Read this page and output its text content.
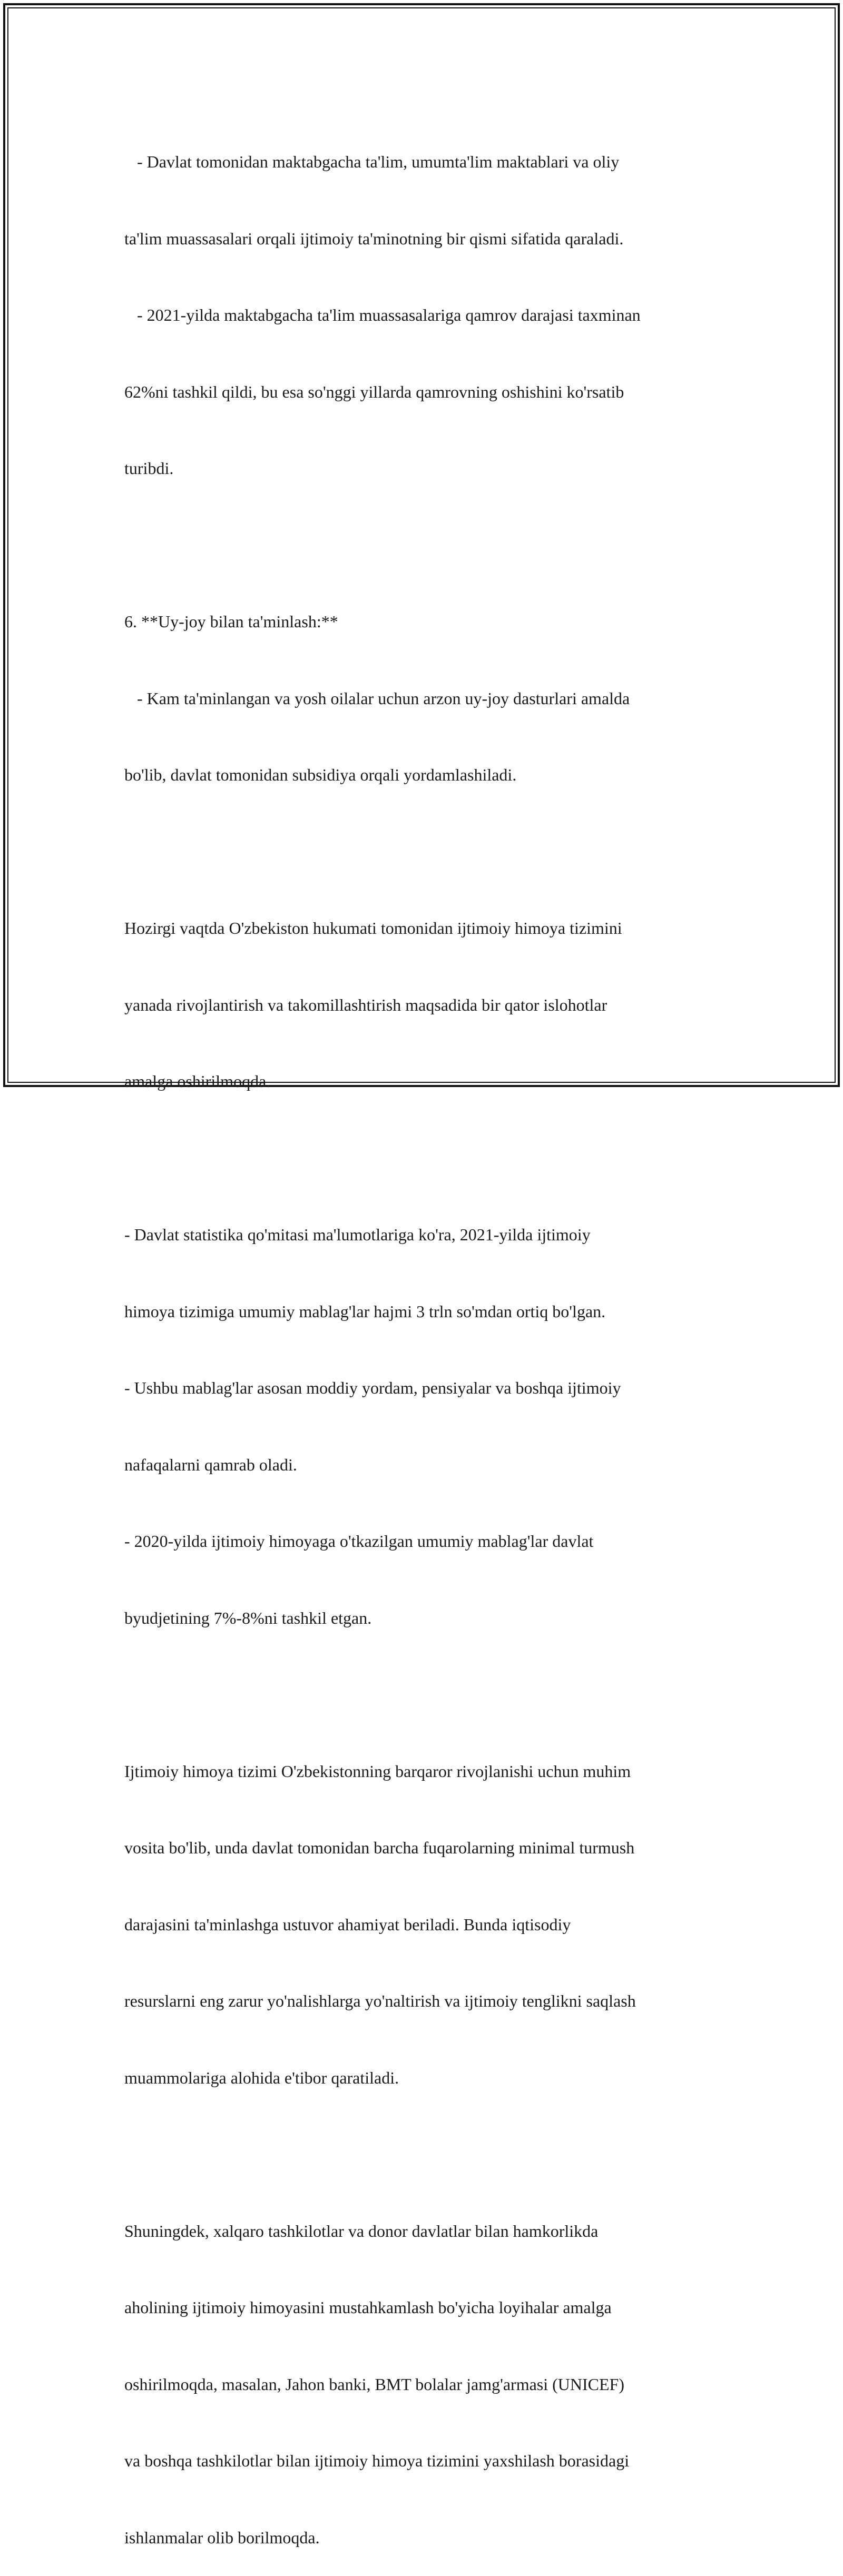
- Davlat tomonidan maktabgacha ta'lim, umumta'lim maktablari va oliy

ta'lim muassasalari orqali ijtimoiy ta'minotning bir qismi sifatida qaraladi.

- 2021-yilda maktabgacha ta'lim muassasalariga qamrov darajasi taxminan

62%ni tashkil qildi, bu esa so'nggi yillarda qamrovning oshishini ko'rsatib

turibdi.

6. **Uy-joy bilan ta'minlash:**

- Kam ta'minlangan va yosh oilalar uchun arzon uy-joy dasturlari amalda

bo'lib, davlat tomonidan subsidiya orqali yordamlashiladi.

Hozirgi vaqtda O'zbekiston hukumati tomonidan ijtimoiy himoya tizimini

yanada rivojlantirish va takomillashtirish maqsadida bir qator islohotlar

amalga oshirilmoqda.

- Davlat statistika qo'mitasi ma'lumotlariga ko'ra, 2021-yilda ijtimoiy

himoya tizimiga umumiy mablag'lar hajmi 3 trln so'mdan ortiq bo'lgan.

- Ushbu mablag'lar asosan moddiy yordam, pensiyalar va boshqa ijtimoiy

nafaqalarni qamrab oladi.

- 2020-yilda ijtimoiy himoyaga o'tkazilgan umumiy mablag'lar davlat

byudjetining 7%-8%ni tashkil etgan.

Ijtimoiy himoya tizimi O'zbekistonning barqaror rivojlanishi uchun muhim

vosita bo'lib, unda davlat tomonidan barcha fuqarolarning minimal turmush

darajasini ta'minlashga ustuvor ahamiyat beriladi. Bunda iqtisodiy

resurslarni eng zarur yo'nalishlarga yo'naltirish va ijtimoiy tenglikni saqlash

muammolariga alohida e'tibor qaratiladi.

Shuningdek, xalqaro tashkilotlar va donor davlatlar bilan hamkorlikda

aholining ijtimoiy himoyasini mustahkamlash bo'yicha loyihalar amalga

oshirilmoqda, masalan, Jahon banki, BMT bolalar jamg'armasi (UNICEF)

va boshqa tashkilotlar bilan ijtimoiy himoya tizimini yaxshilash borasidagi

ishlanmalar olib borilmoqda.
